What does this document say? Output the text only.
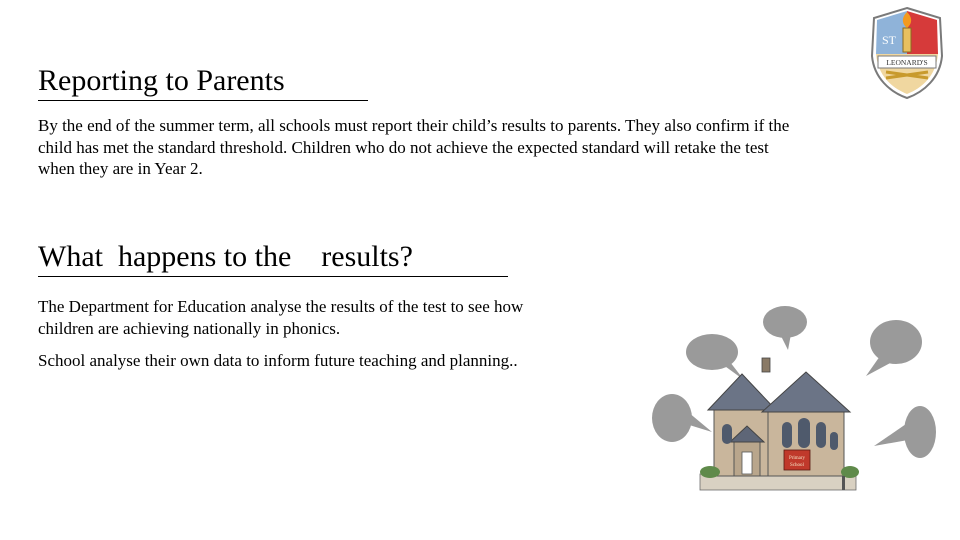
Reporting to Parents

By the end of the summer term, all schools must report their child’s results to parents. They also confirm if the child has met the standard threshold. Children who do not achieve the expected standard will retake the test when they are in Year 2.

What  happens to the    results?

The Department for Education analyse the results of the test to see how children are achieving nationally in phonics.

School analyse their own data to inform future teaching and planning..

ST
LEONARD'S
Primary
School
